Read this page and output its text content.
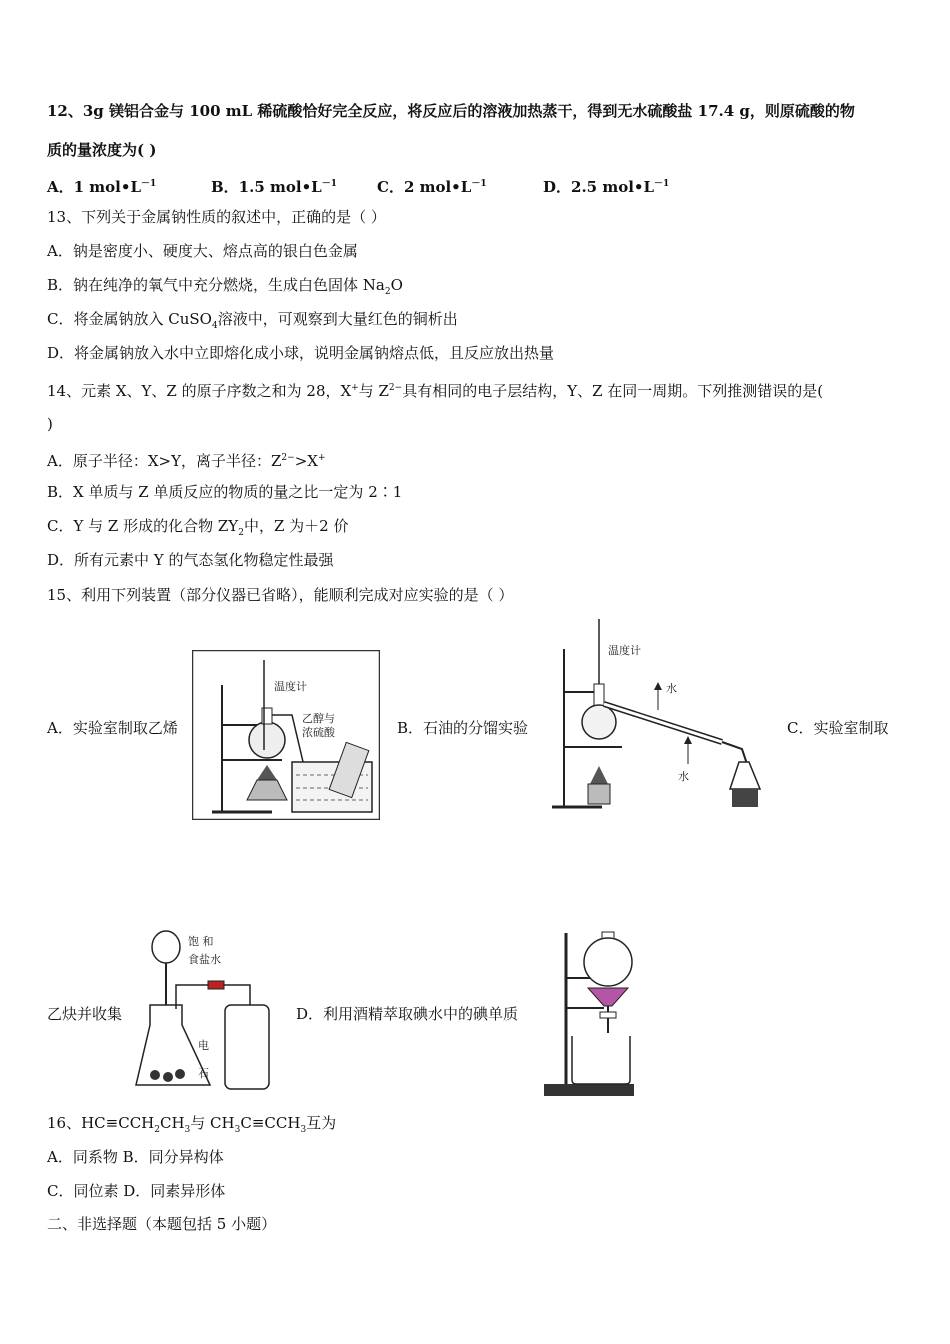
12、3g 镁铝合金与 100 mL 稀硫酸恰好完全反应，将反应后的溶液加热蒸干，得到无水硫酸盐 17.4 g，则原硫酸的物
质的量浓度为( )
A．1 $mol•L^{-1}$	B．1.5 $mol•L^{-1}$	C．2 $mol•L^{-1}$	D．2.5 $mol•L^{-1}$
13、下列关于金属钠性质的叙述中，正确的是（ ）
A．钠是密度小、硬度大、熔点高的银白色金属
B．钠在纯净的氧气中充分燃烧，生成白色固体 $Na_2O$
C．将金属钠放入 CuSO$_4$溶液中，可观察到大量红色的铜析出
D．将金属钠放入水中立即熔化成小球，说明金属钠熔点低，且反应放出热量
14、元素 X、Y、Z 的原子序数之和为 28，X+与 $Z^{2-}$具有相同的电子层结构，Y、Z 在同一周期。下列推测错误的是(
)
A．原子半径：X>Y，离子半径：$Z^{2-}>X^+$
B．X 单质与 Z 单质反应的物质的量之比一定为 2∶1
C．Y 与 Z 形成的化合物 $ZY_2$中，Z 为＋2 价
D．所有元素中 Y 的气态氢化物稳定性最强
15、利用下列装置（部分仪器已省略），能顺利完成对应实验的是（ ）
A．实验室制取乙烯
温度计
乙醇与
浓硫酸	B．石油的分馏实验
温度计
水
水
C．实验室制取
乙炔并收集
饱 和
食盐水
电
石
D．利用酒精萃取碘水中的碘单质
16、$HC\equiv CCH_2CH_3$与 $CH_3C\equiv CCH_3$互为
A．同系物 B．同分异构体
C．同位素 D．同素异形体
二、非选择题（本题包括 5 小题）
